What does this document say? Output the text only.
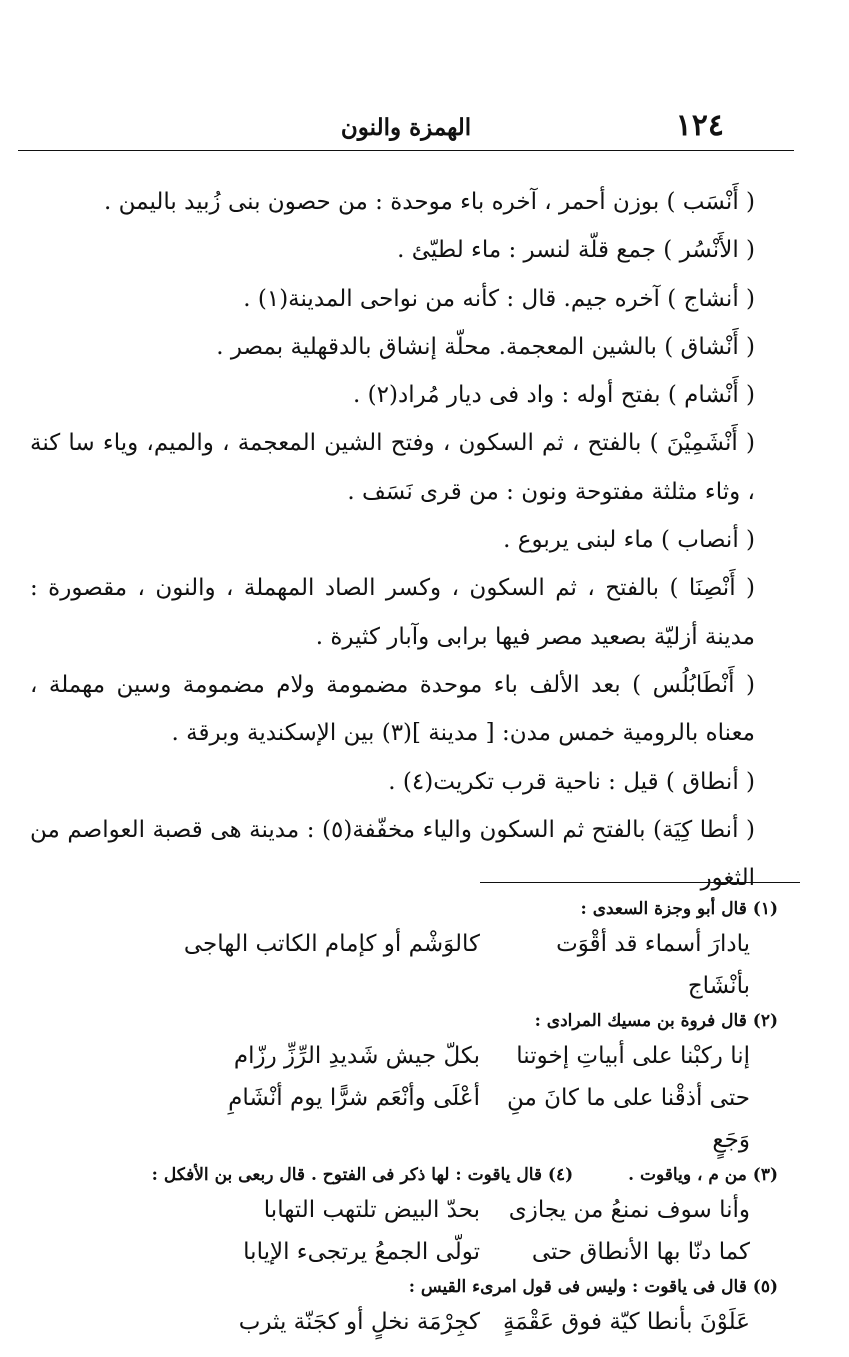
الهمزة والنون	١٢٤

( أَنْسَب ) بوزن أحمر ، آخره باء موحدة : من حصون بنى زُبيد باليمن .

( الأَنْسُر ) جمع قلّة لنسر : ماء لطيّئ .

( أنشاج ) آخره جيم. قال : كأنه من نواحى المدينة(١) .

( أَنْشاق ) بالشين المعجمة. محلّة إنشاق بالدقهلية بمصر .

( أَنْشام ) بفتح أوله : واد فى ديار مُراد(٢) .

( أَنْشَمِيْنَ ) بالفتح ، ثم السكون ، وفتح الشين المعجمة ، والميم، وياء سا كنة ، وثاء مثلثة مفتوحة ونون : من قرى نَسَف .

( أنصاب ) ماء لبنى يربوع .

( أَنْصِنَا ) بالفتح ، ثم السكون ، وكسر الصاد المهملة ، والنون ، مقصورة : مدينة أزليّة بصعيد مصر فيها برابى وآبار كثيرة .

( أَنْطَابُلُس ) بعد الألف باء موحدة مضمومة ولام مضمومة وسين مهملة ، معناه بالرومية خمس مدن: [ مدينة ](٣) بين الإسكندية وبرقة .

( أنطاق ) قيل : ناحية قرب تكريت(٤) .

( أنطا كِيَة) بالفتح ثم السكون والياء مخفّفة(٥) : مدينة هى قصبة العواصم من الثغور

(١) قال أبو وجزة السعدى :

يادارَ أسماء قد أقْوَت بأنْشَاج
كالوَشْم أو كإمام الكاتب الهاجى

(٢) قال فروة بن مسيك المرادى :

إنا ركبْنا على أبياتِ إخوتنا
بكلّ جيش شَديدِ الرِّزِّ رزّام
حتى أذقْنا على ما كانَ منِ وَجَعٍ
أعْلَى وأنْعَم شرًّا يوم أنْشَامِ
(٣) من م ، وياقوت .
(٤) قال ياقوت : لها ذكر فى الفتوح . قال ربعى بن الأفكل :
وأنا سوف نمنعُ من يجازى
بحدّ البيض تلتهب التهابا
كما دنّا بها الأنطاق حتى
تولّى الجمعُ يرتجىء الإيابا

(٥) قال فى ياقوت : وليس فى قول امرىء القيس :

عَلَوْنَ بأنطا كيّة فوق عَقْمَةٍ
كجِرْمَة نخلٍ أو كجَنّة يثرب
